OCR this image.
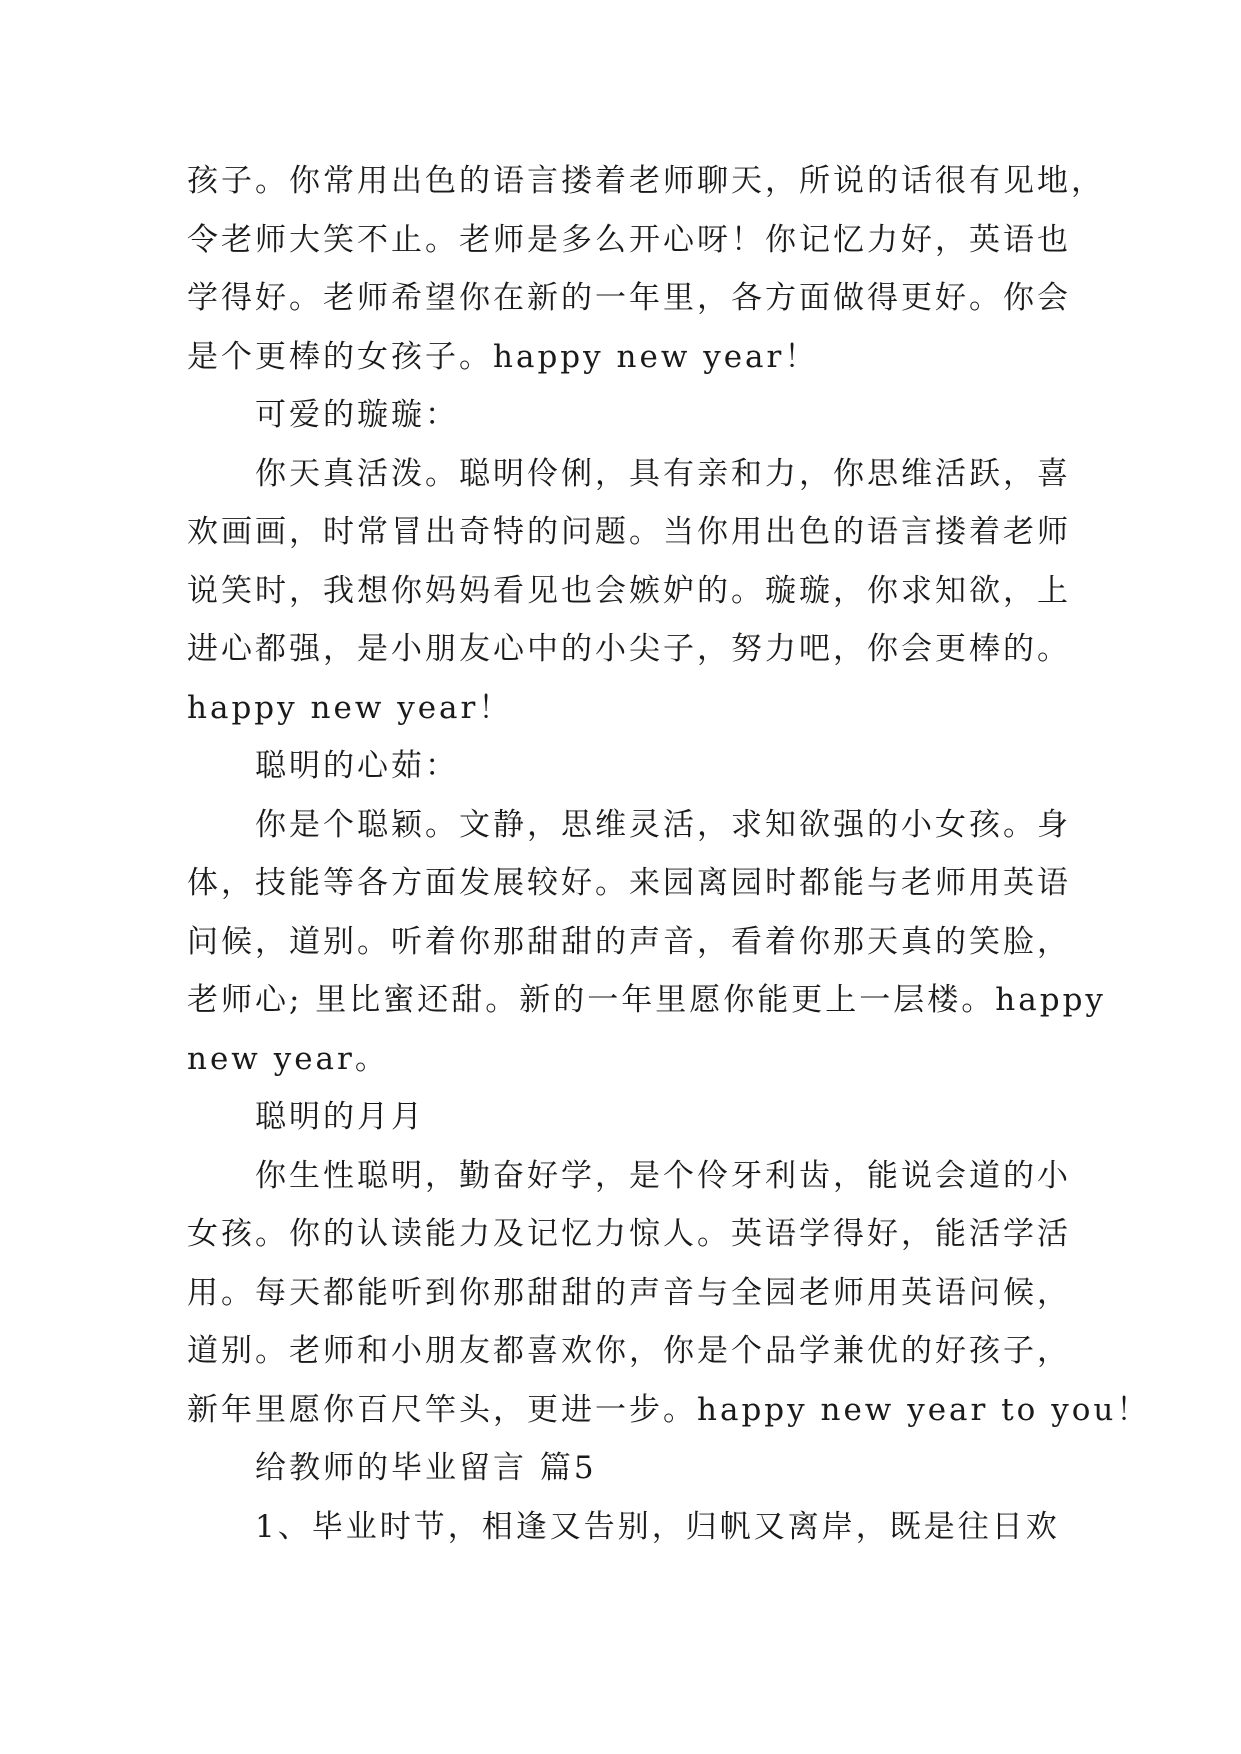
孩子。你常用出色的语言搂着老师聊天，所说的话很有见地，
令老师大笑不止。老师是多么开心呀！你记忆力好，英语也
学得好。老师希望你在新的一年里，各方面做得更好。你会
是个更棒的女孩子。happy new year！
可爱的璇璇：
你天真活泼。聪明伶俐，具有亲和力，你思维活跃，喜
欢画画，时常冒出奇特的问题。当你用出色的语言搂着老师
说笑时，我想你妈妈看见也会嫉妒的。璇璇，你求知欲，上
进心都强，是小朋友心中的小尖子，努力吧，你会更棒的。
happy new year！
聪明的心茹：
你是个聪颖。文静，思维灵活，求知欲强的小女孩。身
体，技能等各方面发展较好。来园离园时都能与老师用英语
问候，道别。听着你那甜甜的声音，看着你那天真的笑脸，
老师心; 里比蜜还甜。新的一年里愿你能更上一层楼。happy
new year。
聪明的月月
你生性聪明，勤奋好学，是个伶牙利齿，能说会道的小
女孩。你的认读能力及记忆力惊人。英语学得好，能活学活
用。每天都能听到你那甜甜的声音与全园老师用英语问候，
道别。老师和小朋友都喜欢你，你是个品学兼优的好孩子，
新年里愿你百尺竿头，更进一步。happy new year to you！
给教师的毕业留言 篇5
1、毕业时节，相逢又告别，归帆又离岸，既是往日欢
